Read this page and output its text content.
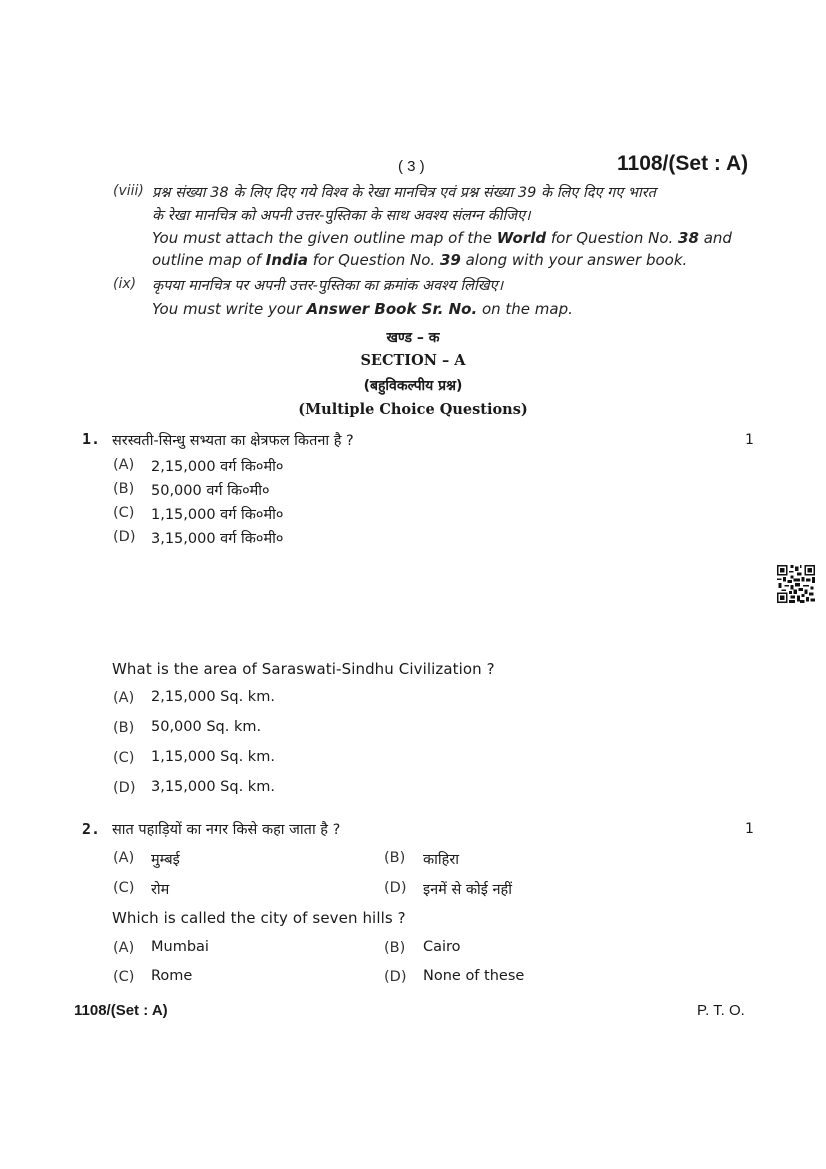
( 3 )	1108/(Set : A)
(viii) प्रश्न संख्या 38 के लिए दिए गये विश्व के रेखा मानचित्र एवं प्रश्न संख्या 39 के लिए दिए गए भारत
के रेखा मानचित्र को अपनी उत्तर-पुस्तिका के साथ अवश्य संलग्न कीजिए।
You must attach the given outline map of the World for Question No. 38 and
outline map of India for Question No. 39 along with your answer book.
(ix) कृपया मानचित्र पर अपनी उत्तर-पुस्तिका का क्रमांक अवश्य लिखिए।
You must write your Answer Book Sr. No. on the map.
खण्ड – क
SECTION – A
(बहुविकल्पीय प्रश्न)
(Multiple Choice Questions)
1. सरस्वती-सिन्धु सभ्यता का क्षेत्रफल कितना है ?	1
(A) 2,15,000 वर्ग कि०मी०
(B) 50,000 वर्ग कि०मी०
(C) 1,15,000 वर्ग कि०मी०
(D) 3,15,000 वर्ग कि०मी०
What is the area of Saraswati-Sindhu Civilization ?
(A) 2,15,000 Sq. km.
(B) 50,000 Sq. km.
(C) 1,15,000 Sq. km.
(D) 3,15,000 Sq. km.
2. सात पहाड़ियों का नगर किसे कहा जाता है ?	1
(A) मुम्बई	(B) काहिरा
(C) रोम	(D) इनमें से कोई नहीं
Which is called the city of seven hills ?
(A) Mumbai	(B) Cairo
(C) Rome	(D) None of these
1108/(Set : A)	P. T. O.
